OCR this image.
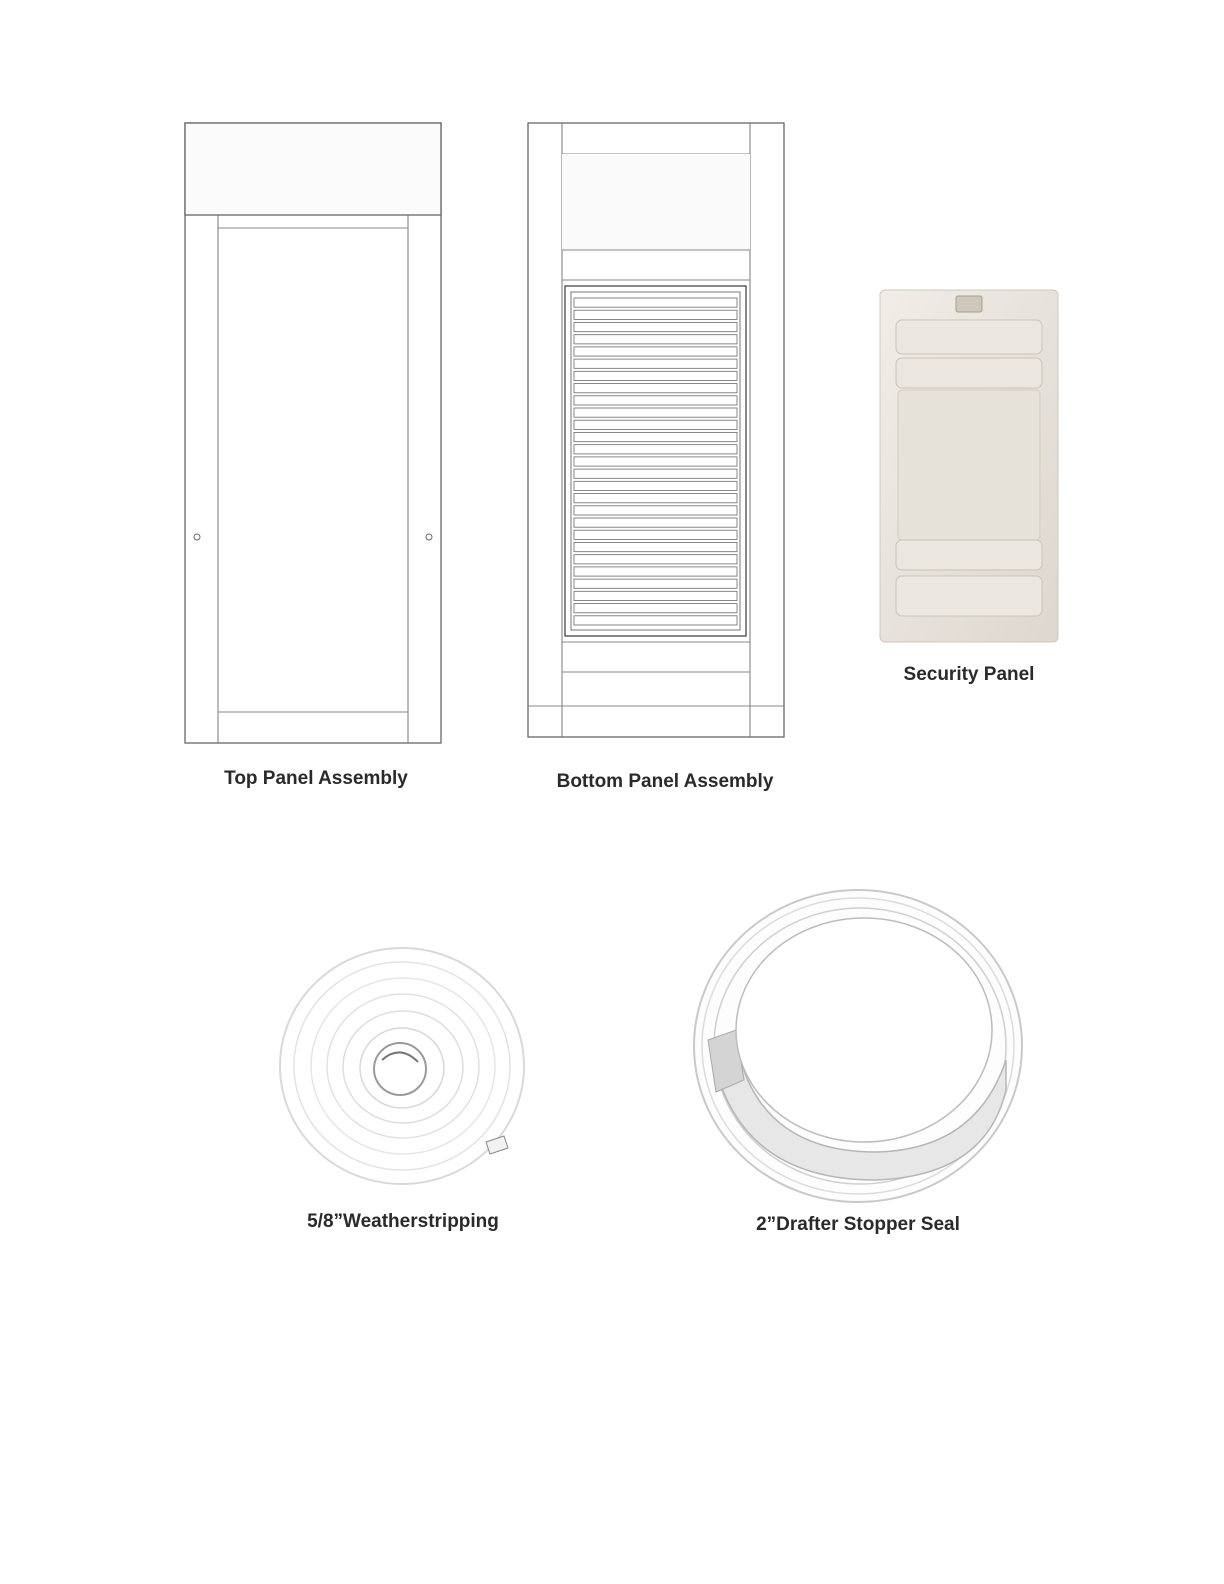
Top Panel Assembly	Bottom Panel Assembly
Security Panel
5/8”Weatherstripping	2”Drafter Stopper Seal
